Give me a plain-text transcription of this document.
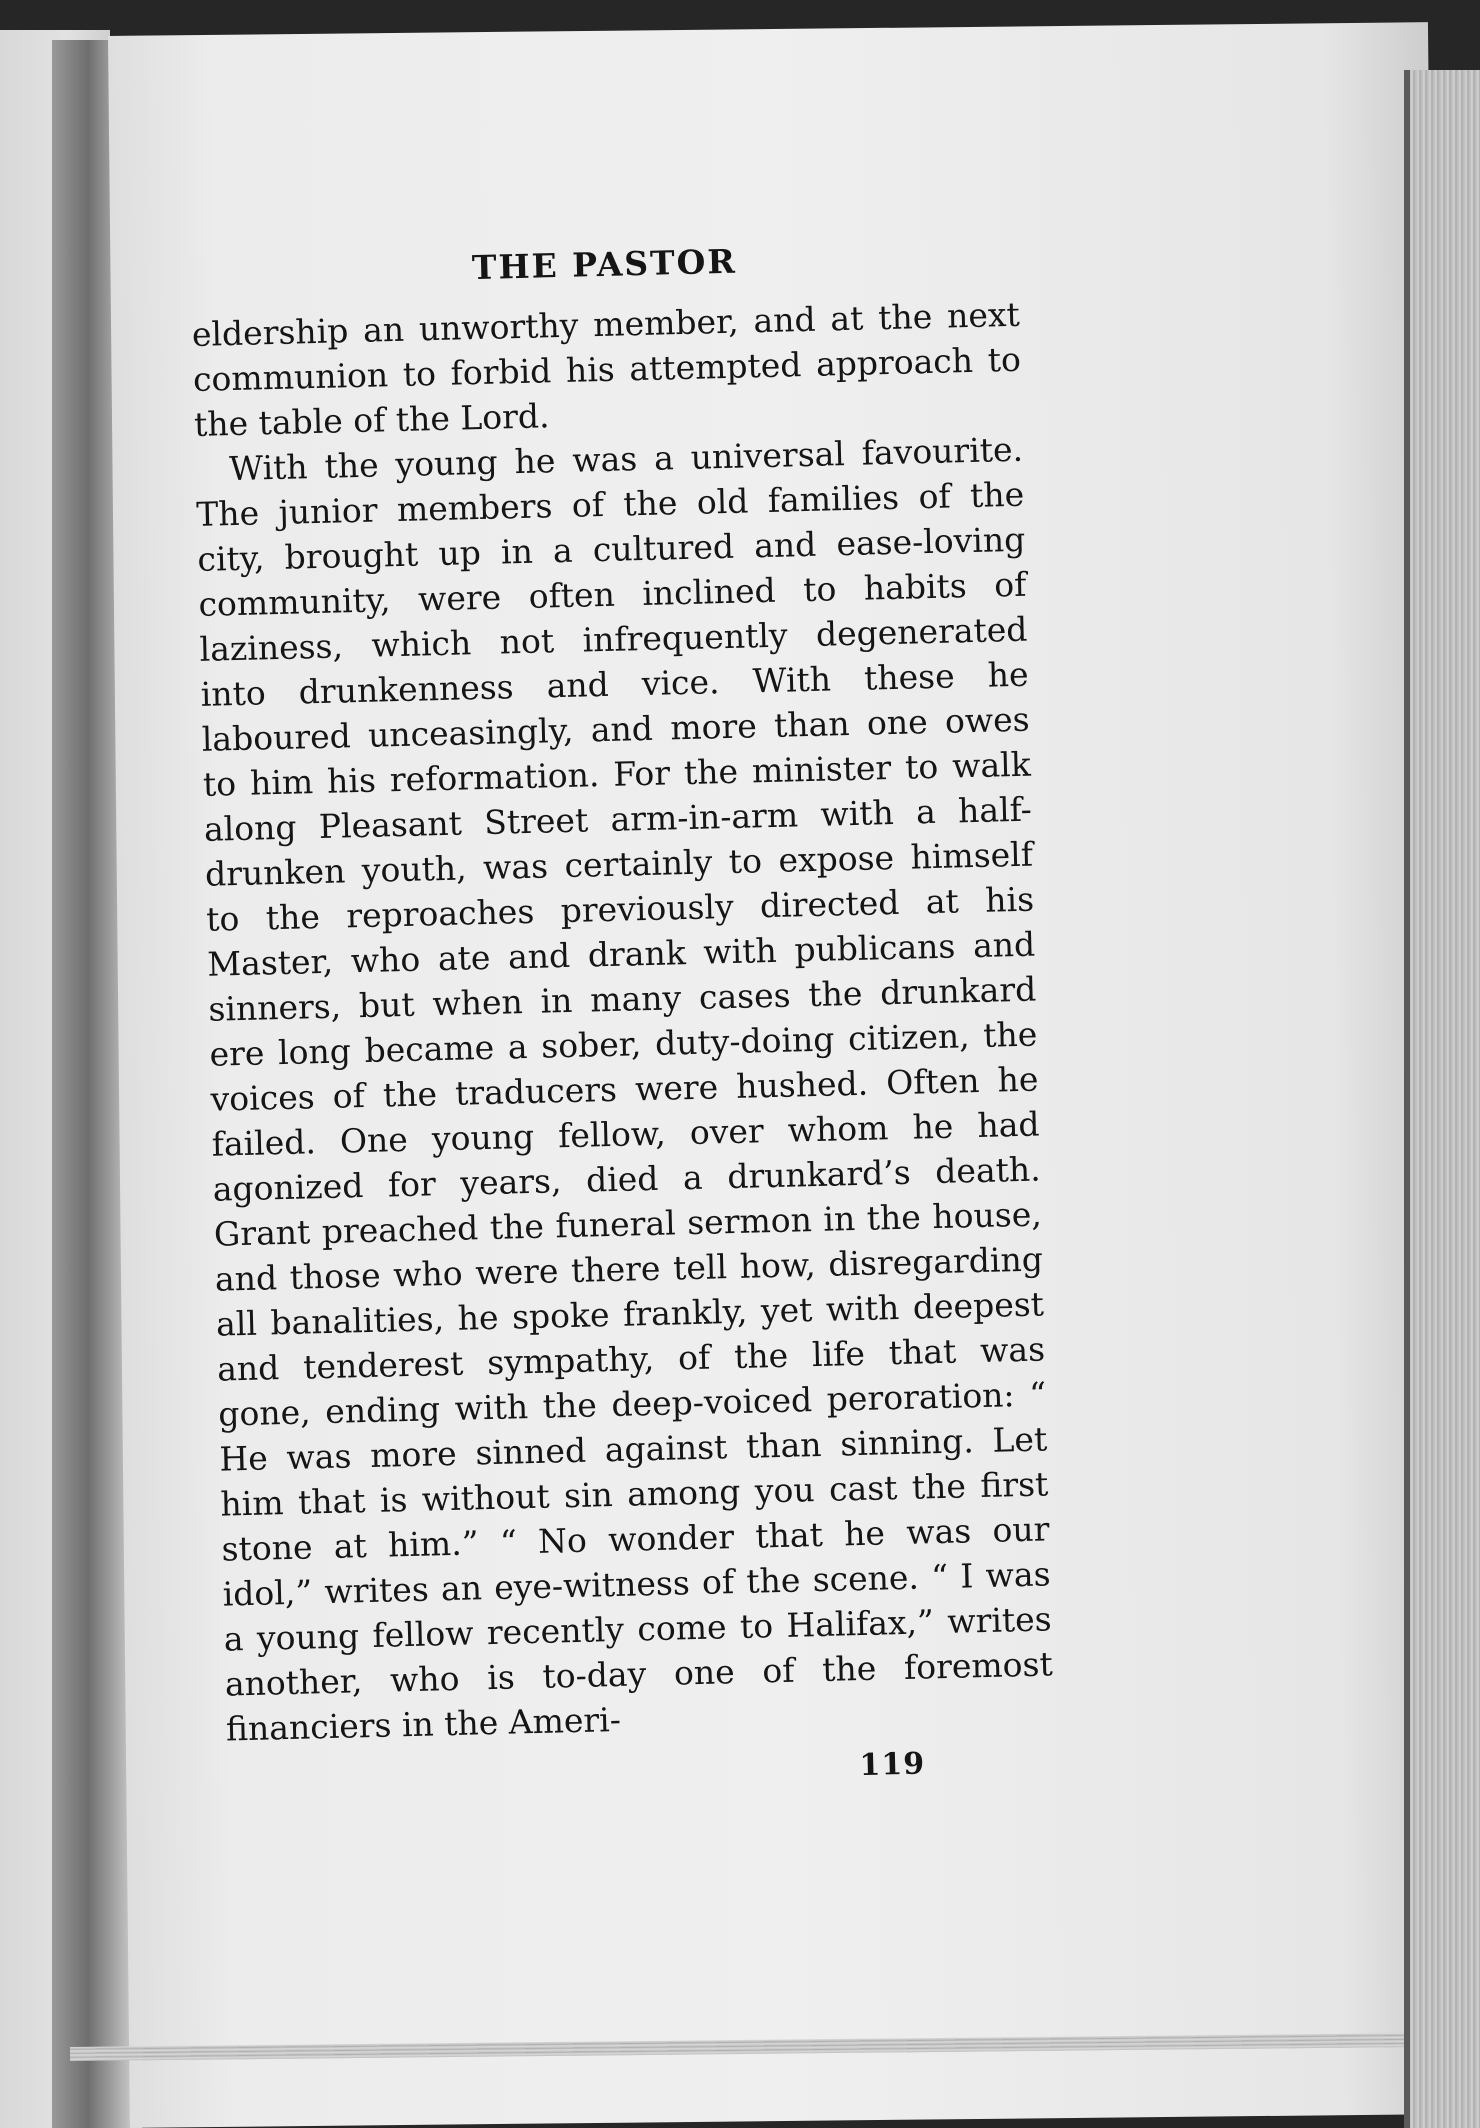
THE PASTOR

eldership an unworthy member, and at the next communion to forbid his attempted approach to the table of the Lord.

With the young he was a universal favourite. The junior members of the old families of the city, brought up in a cultured and ease-loving community, were often inclined to habits of laziness, which not infrequently degenerated into drunkenness and vice. With these he laboured unceasingly, and more than one owes to him his reformation. For the minister to walk along Pleasant Street arm-in-arm with a half-drunken youth, was certainly to expose himself to the reproaches previously directed at his Master, who ate and drank with publicans and sinners, but when in many cases the drunkard ere long became a sober, duty-doing citizen, the voices of the traducers were hushed. Often he failed. One young fellow, over whom he had agonized for years, died a drunkard’s death. Grant preached the funeral sermon in the house, and those who were there tell how, disregarding all banalities, he spoke frankly, yet with deepest and tenderest sympathy, of the life that was gone, ending with the deep-voiced peroration: “ He was more sinned against than sinning. Let him that is without sin among you cast the first stone at him.” “ No wonder that he was our idol,” writes an eye-witness of the scene. “ I was a young fellow recently come to Halifax,” writes another, who is to-day one of the foremost financiers in the Ameri-

119
